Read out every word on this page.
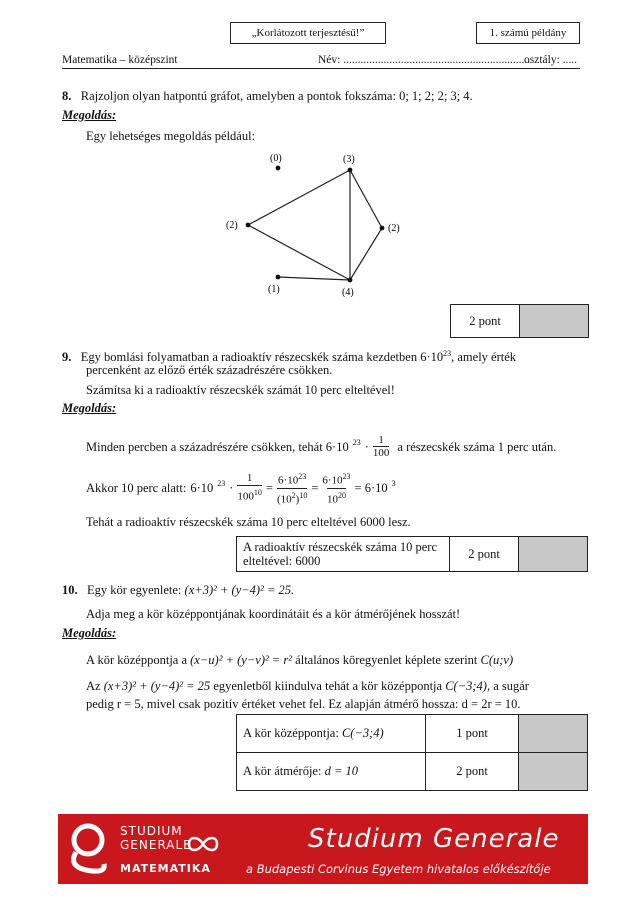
„Korlátozott terjesztésű!”	1. számú példány
Matematika – középszint	Név: .................................................................
osztály: .....
8. Rajzoljon olyan hatpontú gráfot, amelyben a pontok fokszáma: 0; 1; 2; 2; 3; 4.
Megoldás:
Egy lehetséges megoldás például:
(0)	(3)
(2)	(2)
(1)	(4)
2 pont	
9. Egy bomlási folyamatban a radioaktív részecskék száma kezdetben $6\cdot 10^{23}$, amely érték
percenként az előző érték századrészére csökken.
Számítsa ki a radioaktív részecskék számát 10 perc elteltével!
Megoldás:
Minden percben a századrészére csökken, tehát 6·10 $^{23} \cdot \frac{1}{100}$ a részecskék száma 1 perc után.
Akkor 10 perc alatt: 6·10 $^{23} \cdot \frac{1}{100^{10}} = \frac{6\cdot 10^{23}}{(10^2)^{10}} = \frac{6\cdot 10^{23}}{10^{20}} = 6\cdot 10$ $^3$
Tehát a radioaktív részecskék száma 10 perc elteltével 6000 lesz.
A radioaktív részecskék száma 10 perc
elteltével: 6000
	2 pont	
10. Egy kör egyenlete: (x+3)² + (y−4)² = 25.
Adja meg a kör középpontjának koordinátáit és a kör átmérőjének hosszát!
Megoldás:
A kör középpontja a (x−u)² + (y−v)² = r² általános köregyenlet képlete szerint C(u;v)
Az (x+3)² + (y−4)² = 25 egyenletből kiindulva tehát a kör középpontja C(−3;4), a sugár
pedig r = 5, mivel csak pozitív értéket vehet fel. Ez alapján átmérő hossza: d = 2r = 10.
A kör középpontja: C(−3;4)	1 pont	
A kör átmérője: d = 10	2 pont	
STUDIUM
GENERALE
MATEMATIKA
Studium Generale
a Budapesti Corvinus Egyetem hivatalos előkészítője
